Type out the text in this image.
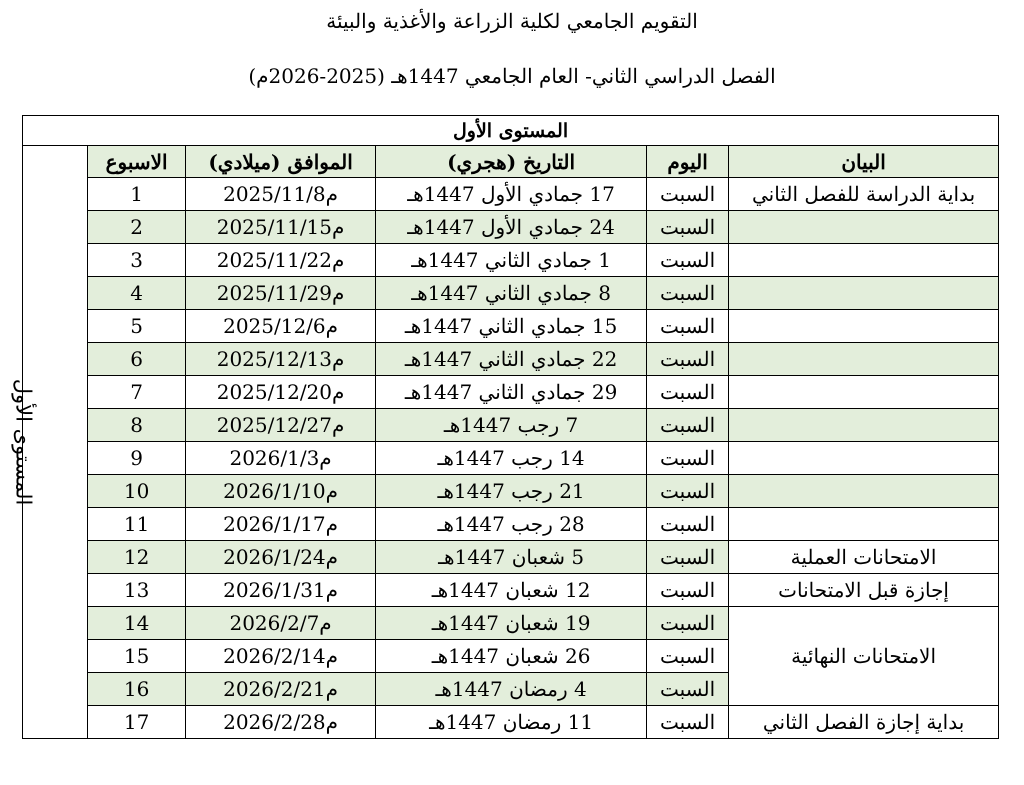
التقويم الجامعي لكلية الزراعة والأغذية والبيئة
الفصل الدراسي الثاني- العام الجامعي 1447هـ (2025-2026م)
المستوى الأول					
البيان	اليوم	التاريخ (هجري)	الموافق (ميلادي)	الاسبوع	المستوى الأول
بداية الدراسة للفصل الثاني	السبت	17 جمادي الأول 1447هـ	2025/11/8م	1	
	السبت	24 جمادي الأول 1447هـ	2025/11/15م	2	
	السبت	1 جمادي الثاني 1447هـ	2025/11/22م	3	
	السبت	8 جمادي الثاني 1447هـ	2025/11/29م	4	
	السبت	15 جمادي الثاني 1447هـ	2025/12/6م	5	
	السبت	22 جمادي الثاني 1447هـ	2025/12/13م	6	
	السبت	29 جمادي الثاني 1447هـ	2025/12/20م	7	
	السبت	7 رجب 1447هـ	2025/12/27م	8	
	السبت	14 رجب 1447هـ	2026/1/3م	9	
	السبت	21 رجب 1447هـ	2026/1/10م	10	
	السبت	28 رجب 1447هـ	2026/1/17م	11	
الامتحانات العملية	السبت	5 شعبان 1447هـ	2026/1/24م	12	
إجازة قبل الامتحانات	السبت	12 شعبان 1447هـ	2026/1/31م	13	
الامتحانات النهائية	السبت	19 شعبان 1447هـ	2026/2/7م	14	
	السبت	26 شعبان 1447هـ	2026/2/14م	15	
	السبت	4 رمضان 1447هـ	2026/2/21م	16	
بداية إجازة الفصل الثاني	السبت	11 رمضان 1447هـ	2026/2/28م	17	
